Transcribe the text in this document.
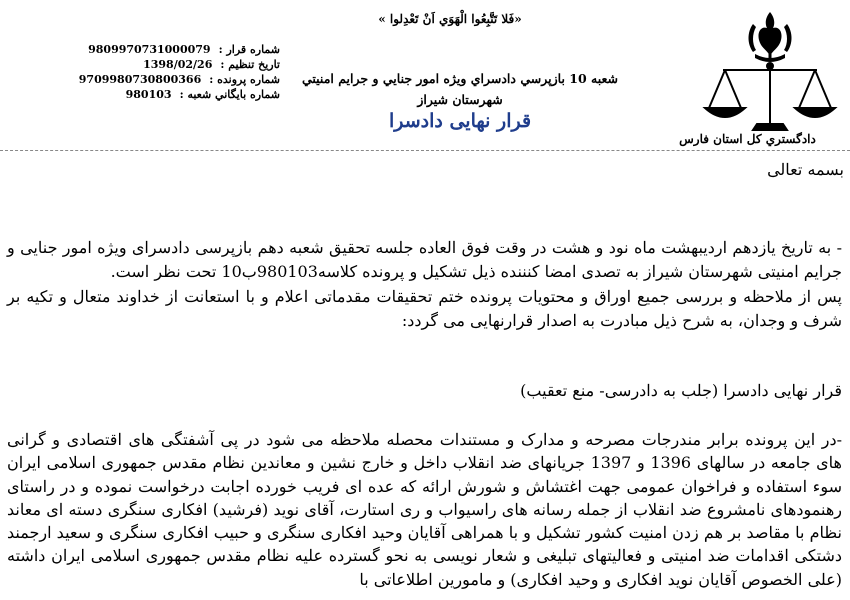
«فَلا تَتَّبِعُوا الْهَوَي اَنْ تَعْدِلوا »
دادگستري كل استان فارس
شعبه 10 بازپرسي دادسراي ويژه امور جنايي و جرايم امنيتي
شهرستان شيراز
قرار نهايی دادسرا
شماره قرار :9809970731000079
تاريخ تنظيم :1398/02/26
شماره پرونده :9709980730800366
شماره بايگاني شعبه :980103
بسمه تعالی
- به تاریخ یازدهم اردیبهشت ماه نود و هشت در وقت فوق العاده جلسه تحقیق شعبه دهم بازپرسی دادسرای ویژه امور جنایی و جرایم امنیتی شهرستان شیراز به تصدی امضا کنننده ذیل تشکیل و پرونده کلاسه980103ب10 تحت نظر است.
پس از ملاحظه و بررسی جمیع اوراق و محتویات پرونده ختم تحقیقات مقدماتی اعلام و با استعانت از خداوند متعال و تکیه بر شرف و وجدان، به شرح ذیل مبادرت به اصدار قرارنهایی می گردد:
قرار نهایی دادسرا (جلب به دادرسی- منع تعقیب)
-در این پرونده برابر مندرجات مصرحه و مدارک و مستندات محصله ملاحظه می شود در پی آشفتگی های اقتصادی و گرانی های جامعه در سالهای 1396 و 1397 جریانهای ضد انقلاب داخل و خارج نشین و معاندین نظام مقدس جمهوری اسلامی ایران سوء استفاده و فراخوان عمومی جهت اغتشاش و شورش ارائه که عده ای فریب خورده اجابت درخواست نموده و در راستای رهنمودهای نامشروع ضد انقلاب از جمله رسانه های راسیواب و ری استارت، آقای نوید (فرشید) افکاری سنگری دسته ای معاند نظام با مقاصد بر هم زدن امنیت کشور تشکیل و با همراهی آقایان وحید افکاری سنگری و حبیب افکاری سنگری و سعید ارجمند دشتکی اقدامات ضد امنیتی و فعالیتهای تبلیغی و شعار نویسی به نحو گسترده علیه نظام مقدس جمهوری اسلامی ایران داشته (علی الخصوص آقایان نوید افکاری و وحید افکاری) و مامورین اطلاعاتی با
